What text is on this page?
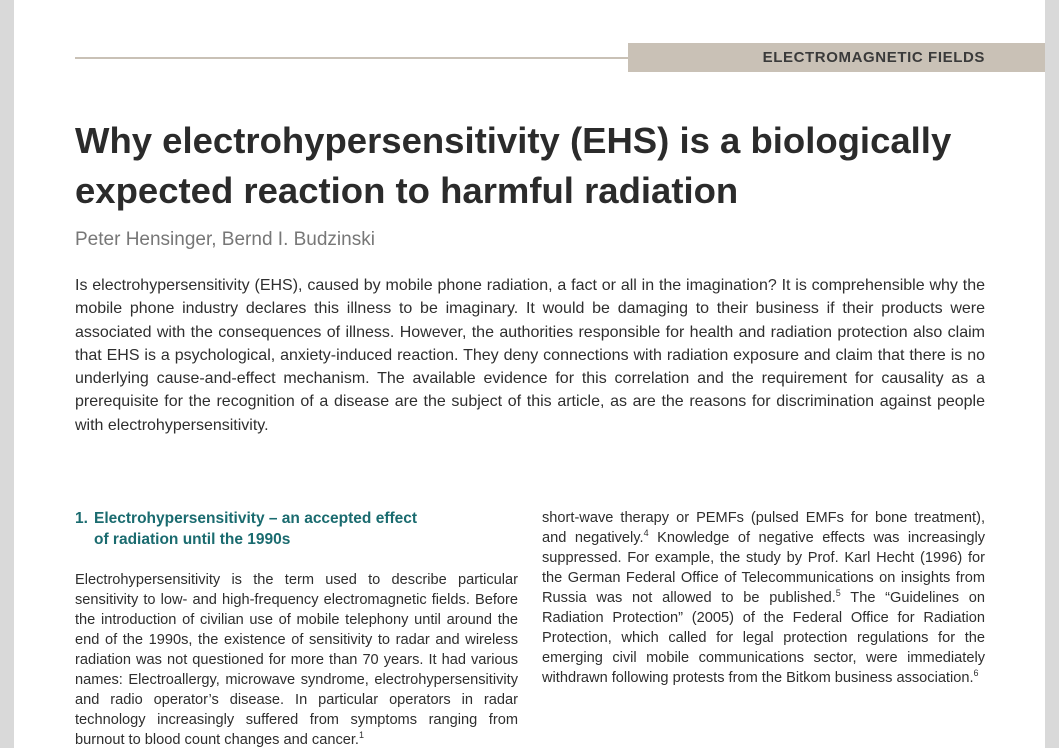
ELECTROMAGNETIC FIELDS
Why electrohypersensitivity (EHS) is a biologically expected reaction to harmful radiation

Peter Hensinger, Bernd I. Budzinski

Is electrohypersensitivity (EHS), caused by mobile phone radiation, a fact or all in the imagination? It is comprehensible why the mobile phone industry declares this illness to be imaginary. It would be damaging to their business if their products were associated with the consequences of illness. However, the authorities responsible for health and radiation protection also claim that EHS is a psychological, anxiety-induced reaction. They deny connections with radiation exposure and claim that there is no underlying cause-and-effect mechanism. The available evidence for this correlation and the requirement for causality as a prerequisite for the recognition of a disease are the subject of this article, as are the reasons for discrimination against people with electrohypersensitivity.

1. Electrohypersensitivity – an accepted effect
of radiation until the 1990s

Electrohypersensitivity is the term used to describe particular sensitivity to low- and high-frequency electromagnetic fields. Before the introduction of civilian use of mobile telephony until around the end of the 1990s, the existence of sensitivity to radar and wireless radiation was not questioned for more than 70 years. It had various names: Electroallergy, microwave syndrome, electrohypersensitivity and radio operator’s disease. In particular operators in radar technology increasingly suffered from symptoms ranging from burnout to blood count changes and cancer.$^1$

short-wave therapy or PEMFs (pulsed EMFs for bone treatment), and negatively.$^4$ Knowledge of negative effects was increasingly suppressed. For example, the study by Prof. Karl Hecht (1996) for the German Federal Office of Telecommunications on insights from Russia was not allowed to be published.$^5$ The “Guidelines on Radiation Protection” (2005) of the Federal Office for Radiation Protection, which called for legal protection regulations for the emerging civil mobile communications sector, were immediately withdrawn following protests from the Bitkom business association.$^6$
